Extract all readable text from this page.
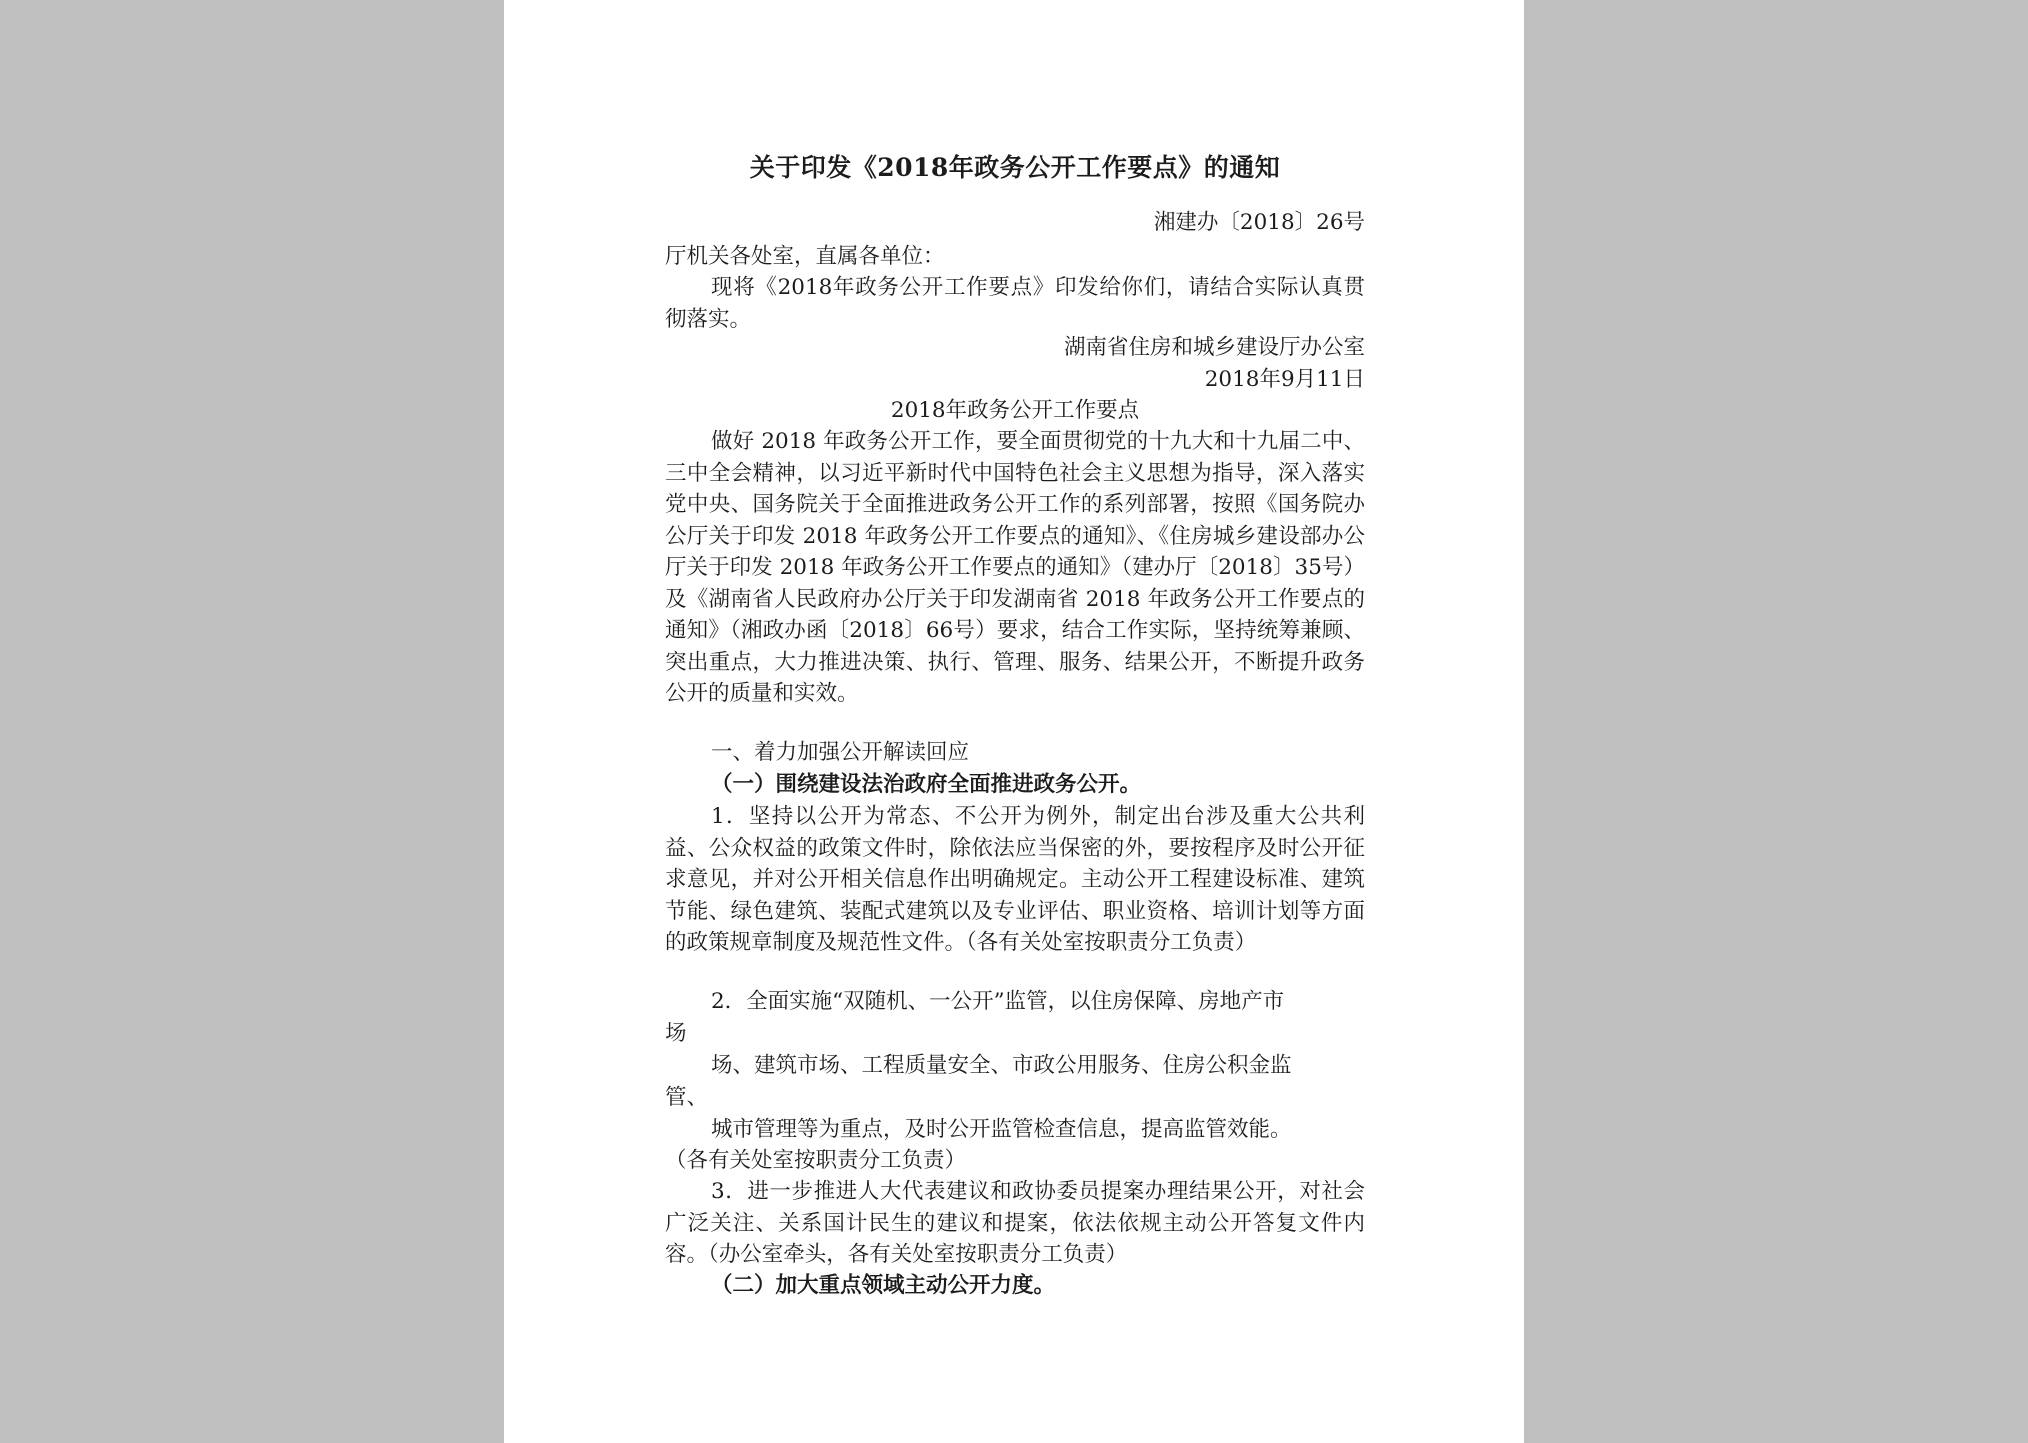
关于印发《2018年政务公开工作要点》的通知
湘建办〔2018〕26号
厅机关各处室，直属各单位：
现将《2018年政务公开工作要点》印发给你们，请结合实际认真贯彻落实。
湖南省住房和城乡建设厅办公室
2018年9月11日
2018年政务公开工作要点
做好 2018 年政务公开工作，要全面贯彻党的十九大和十九届二中、三中全会精神，以习近平新时代中国特色社会主义思想为指导，深入落实党中央、国务院关于全面推进政务公开工作的系列部署，按照《国务院办公厅关于印发 2018 年政务公开工作要点的通知》、《住房城乡建设部办公厅关于印发 2018 年政务公开工作要点的通知》（建办厅〔2018〕35号）及《湖南省人民政府办公厅关于印发湖南省 2018 年政务公开工作要点的通知》（湘政办函〔2018〕66号）要求，结合工作实际，坚持统筹兼顾、突出重点，大力推进决策、执行、管理、服务、结果公开，不断提升政务公开的质量和实效。
一、着力加强公开解读回应
（一）围绕建设法治政府全面推进政务公开。
1．坚持以公开为常态、不公开为例外，制定出台涉及重大公共利益、公众权益的政策文件时，除依法应当保密的外，要按程序及时公开征求意见，并对公开相关信息作出明确规定。主动公开工程建设标准、建筑节能、绿色建筑、装配式建筑以及专业评估、职业资格、培训计划等方面的政策规章制度及规范性文件。（各有关处室按职责分工负责）
2．全面实施“双随机、一公开”监管，以住房保障、房地产市
场
场、建筑市场、工程质量安全、市政公用服务、住房公积金监
管、
城市管理等为重点，及时公开监管检查信息，提高监管效能。
（各有关处室按职责分工负责）
3．进一步推进人大代表建议和政协委员提案办理结果公开，对社会广泛关注、关系国计民生的建议和提案，依法依规主动公开答复文件内容。（办公室牵头，各有关处室按职责分工负责）
（二）加大重点领域主动公开力度。
